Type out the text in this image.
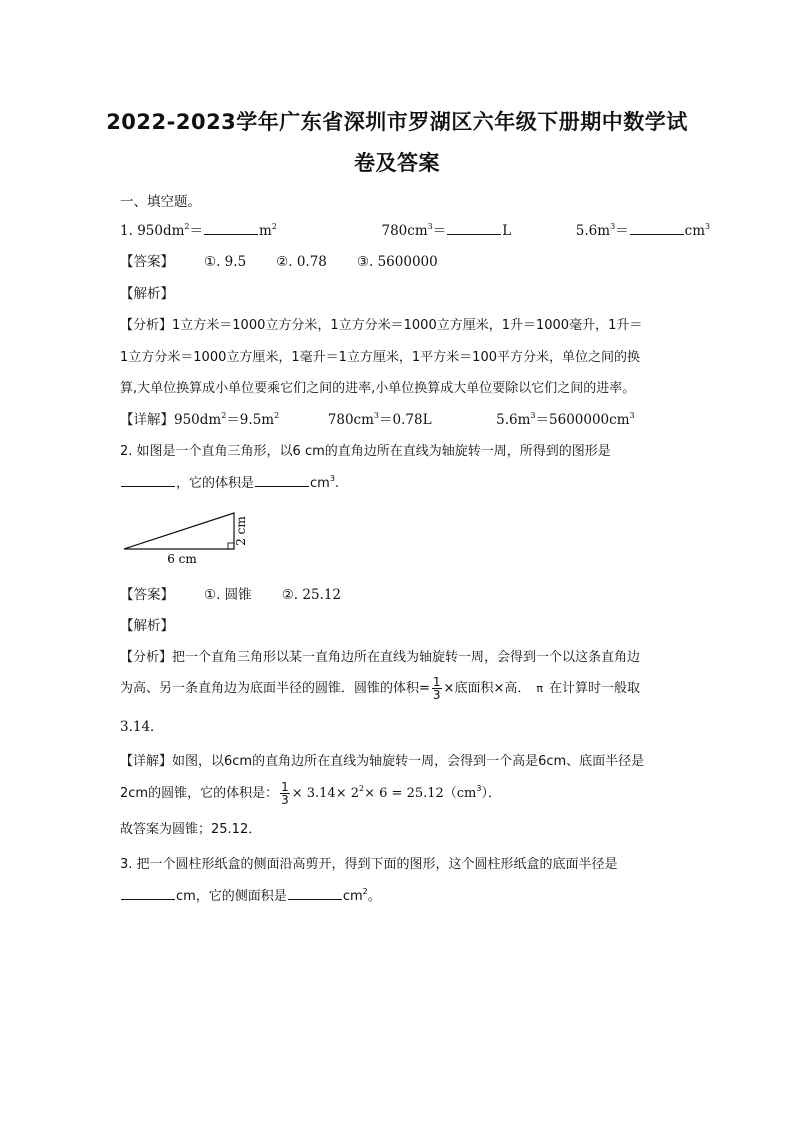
2022-2023学年广东省深圳市罗湖区六年级下册期中数学试
卷及答案
一、填空题。
1. $950dm^2=$	$m^2$	$780cm^3=$	L	$5.6m^3=$	$cm^3$
【答案】 ①. 9.5 ②. 0.78 ③. 5600000
【解析】
【分析】1立方米＝1000立方分米，1立方分米＝1000立方厘米，1升＝1000毫升，1升＝
1立方分米＝1000立方厘米，1毫升＝1立方厘米，1平方米＝100平方分米，单位之间的换
算,大单位换算成小单位要乘它们之间的进率,小单位换算成大单位要除以它们之间的进率。
【详解】$950dm^2=9.5m^2$	$780cm^3=0.78L$	$5.6m^3=5600000cm^3$
2. 如图是一个直角三角形，以6 cm的直角边所在直线为轴旋转一周，所得到的图形是
，它的体积是	$cm^3$.
2 cm
6 cm
【答案】 ①. 圆锥 ②. 25.12
【解析】
【分析】把一个直角三角形以某一直角边所在直线为轴旋转一周，会得到一个以这条直角边
为高、另一条直角边为底面半径的圆锥．圆锥的体积= $\frac{1}{3}$ ×底面积×高． π 在计算时一般取
3.14．
【详解】如图，以6cm的直角边所在直线为轴旋转一周，会得到一个高是6cm、底面半径是
2cm的圆锥，它的体积是： $\frac{1}{3} \times 3.14\times 2^2\times 6 = 25.12(cm^3)$．
故答案为圆锥；25.12．
3. 把一个圆柱形纸盒的侧面沿高剪开，得到下面的图形，这个圆柱形纸盒的底面半径是
cm，它的侧面积是	$cm^2$。
